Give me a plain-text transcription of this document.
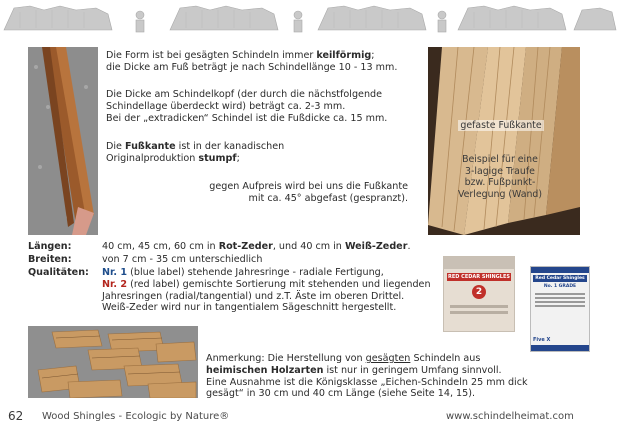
Die Form ist bei gesägten Schindeln immer keilförmig;
die Dicke am Fuß beträgt je nach Schindellänge 10 - 13 mm.
Die Dicke am Schindelkopf (der durch die nächstfolgende
Schindellage überdeckt wird) beträgt ca. 2-3 mm.
Bei der „extradicken“ Schindel ist die Fußdicke ca. 15 mm.
Die Fußkante ist in der kanadischen
Originalproduktion stumpf;
gegen Aufpreis wird bei uns die Fußkante
mit ca. 45° abgefast (gespranzt).
gefaste Fußkante
Beispiel für eine
3-lagige Traufe
bzw. Fußpunkt-
Verlegung (Wand)
Längen:	40 cm, 45 cm, 60 cm in Rot-Zeder, und 40 cm in Weiß-Zeder.
Breiten:	von 7 cm - 35 cm unterschiedlich
Qualitäten: Nr. 1 (blue label) stehende Jahresringe - radiale Fertigung,
Nr. 2 (red label) gemischte Sortierung mit stehenden und liegenden
Jahresringen (radial/tangential) und z.T. Äste im oberen Drittel.
Weiß-Zeder wird nur in tangentialem Sägeschnitt hergestellt.
RED CEDAR SHINGLES
2
Red Cedar Shingles
No. 1 GRADE
Five X
Anmerkung: Die Herstellung von gesägten Schindeln aus
heimischen Holzarten ist nur in geringem Umfang sinnvoll.
Eine Ausnahme ist die Königsklasse „Eichen-Schindeln 25 mm dick
gesägt“ in 30 cm und 40 cm Länge (siehe Seite 14, 15).
62 Wood Shingles - Ecologic by Nature®	www.schindelheimat.com
